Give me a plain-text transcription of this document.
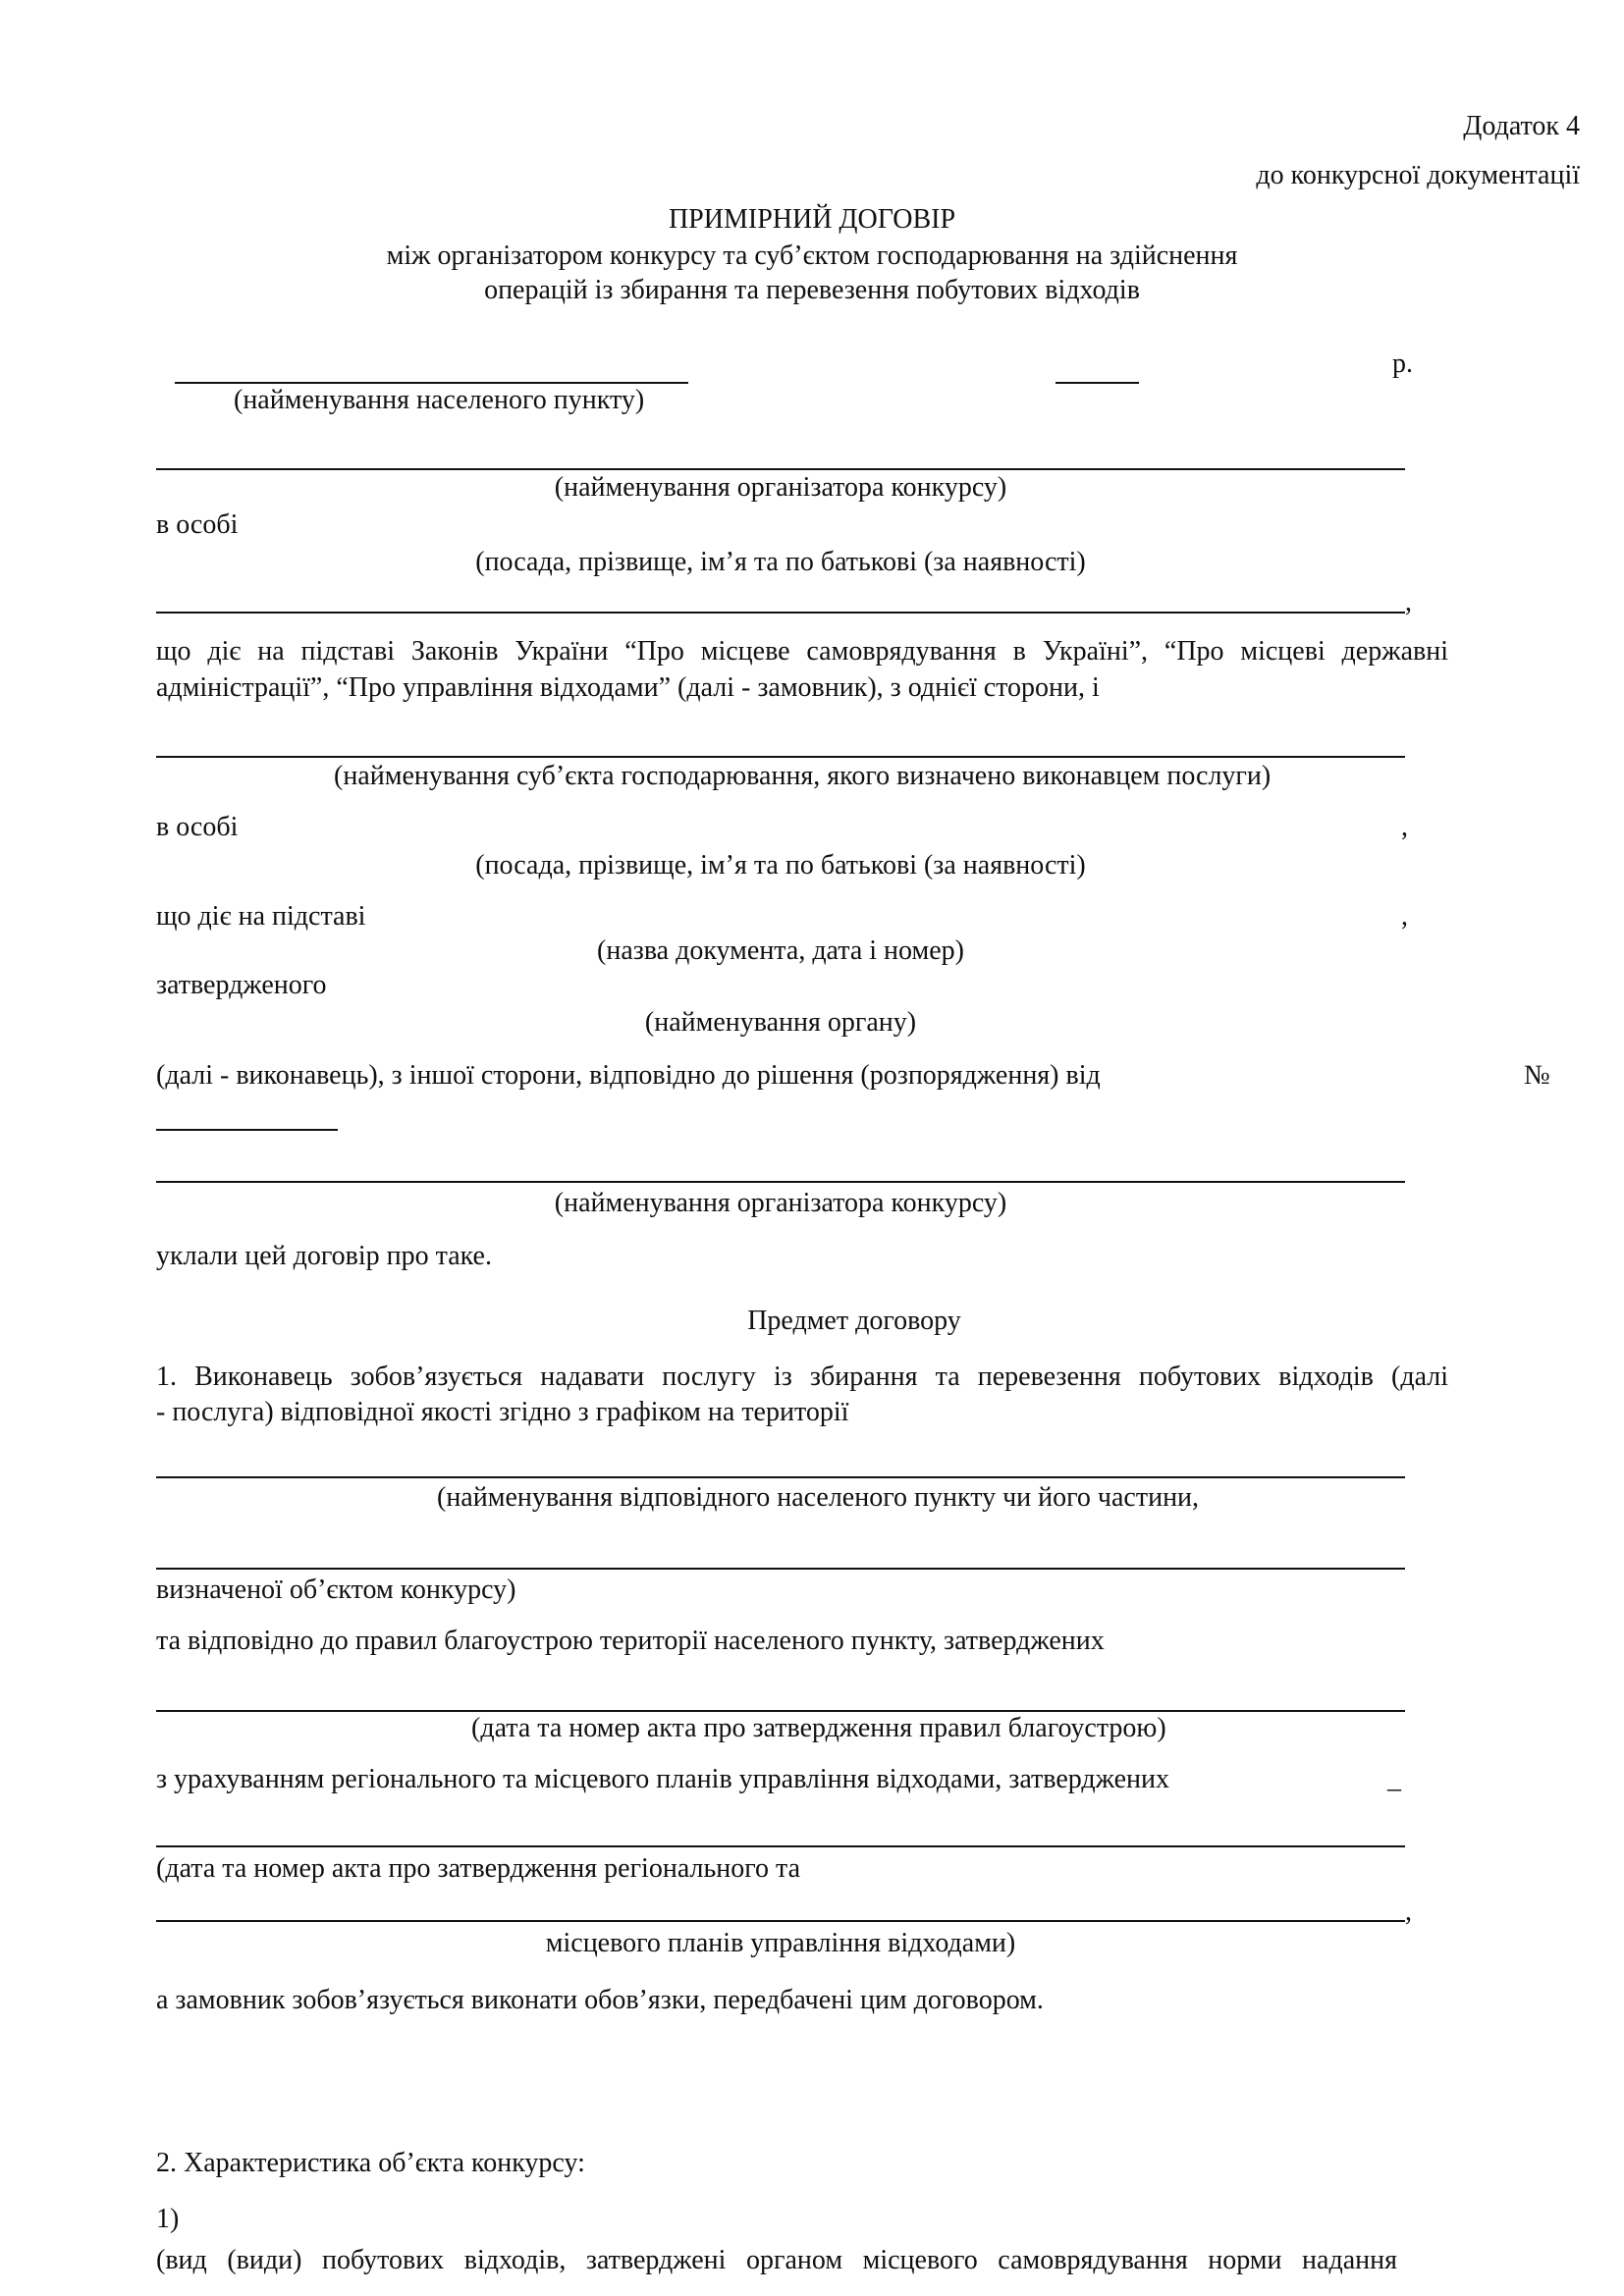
Додаток 4
до конкурсної документації
ПРИМІРНИЙ ДОГОВІР
між організатором конкурсу та суб’єктом господарювання на здійснення
операцій із збирання та перевезення побутових відходів
р.
(найменування населеного пункту)
(найменування організатора конкурсу)
в особі
(посада, прізвище, ім’я та по батькові (за наявності)
,
що діє на підставі Законів України “Про місцеве самоврядування в Україні”, “Про місцеві державні
адміністрації”, “Про управління відходами” (далі - замовник), з однієї сторони, і
(найменування суб’єкта господарювання, якого визначено виконавцем послуги)
в особі	,
(посада, прізвище, ім’я та по батькові (за наявності)
що діє на підставі	,
(назва документа, дата і номер)
затвердженого
(найменування органу)
(далі - виконавець), з іншої сторони, відповідно до рішення (розпорядження) від	№
(найменування організатора конкурсу)
уклали цей договір про таке.
Предмет договору
1. Виконавець зобов’язується надавати послугу із збирання та перевезення побутових відходів (далі
- послуга) відповідної якості згідно з графіком на території
(найменування відповідного населеного пункту чи його частини,
визначеної об’єктом конкурсу)
та відповідно до правил благоустрою території населеного пункту, затверджених
(дата та номер акта про затвердження правил благоустрою)
з урахуванням регіонального та місцевого планів управління відходами, затверджених	_
(дата та номер акта про затвердження регіонального та
,
місцевого планів управління відходами)
а замовник зобов’язується виконати обов’язки, передбачені цим договором.
2. Характеристика об’єкта конкурсу:
1)
(вид (види) побутових відходів, затверджені органом місцевого самоврядування норми надання
